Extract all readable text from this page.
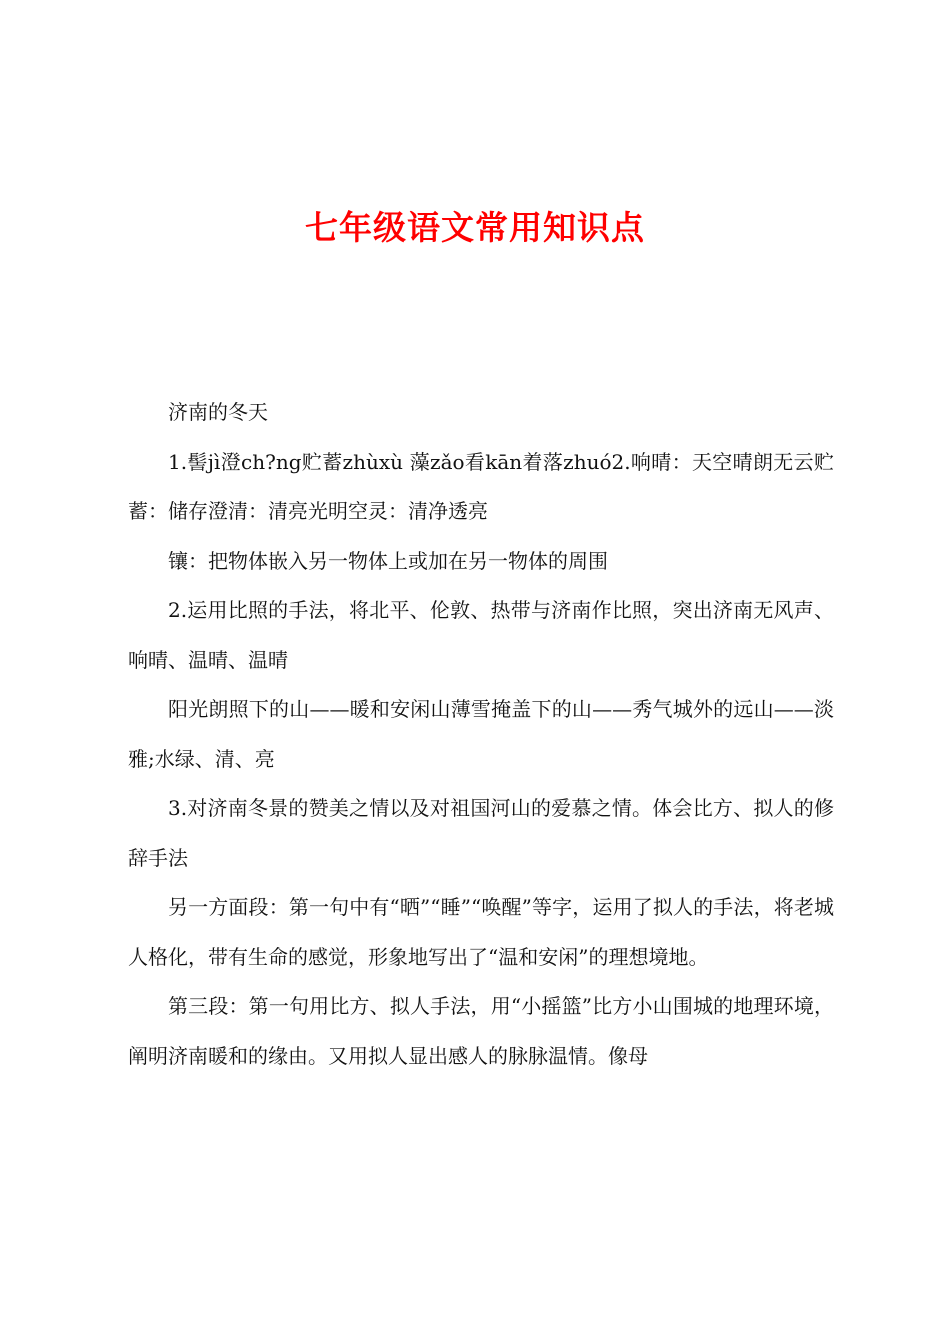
七年级语文常用知识点

济南的冬天

1.髻jì澄ch?ng贮蓄zhùxù 藻zǎo看kān着落zhuó2.响晴：天空晴朗无云贮蓄：储存澄清：清亮光明空灵：清净透亮

镶：把物体嵌入另一物体上或加在另一物体的周围

2.运用比照的手法，将北平、伦敦、热带与济南作比照，突出济南无风声、响晴、温晴、温晴

阳光朗照下的山——暖和安闲山薄雪掩盖下的山——秀气城外的远山——淡雅;水绿、清、亮

3.对济南冬景的赞美之情以及对祖国河山的爱慕之情。体会比方、拟人的修辞手法

另一方面段：第一句中有“晒”“睡”“唤醒”等字，运用了拟人的手法，将老城人格化，带有生命的感觉，形象地写出了“温和安闲”的理想境地。

第三段：第一句用比方、拟人手法，用“小摇篮”比方小山围城的地理环境，阐明济南暖和的缘由。又用拟人显出感人的脉脉温情。像母
